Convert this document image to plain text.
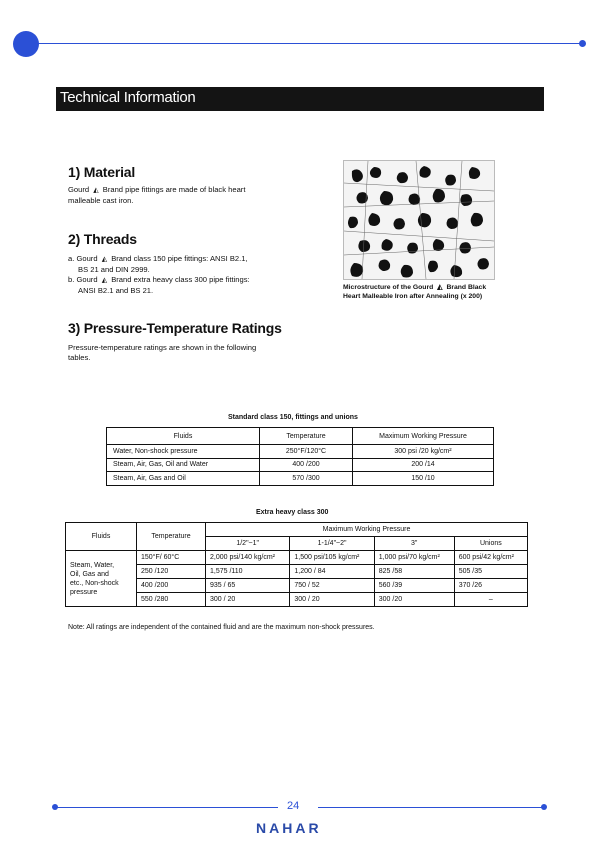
Technical Information
1) Material
Gourd ◭ Brand pipe fittings are made of black heart
malleable cast iron.
2) Threads
a. Gourd ◭ Brand class 150 pipe fittings: ANSI B2.1,
BS 21 and DIN 2999.
b. Gourd ◭ Brand extra heavy class 300 pipe fittings:
ANSI B2.1 and BS 21.
3) Pressure-Temperature Ratings
Pressure-temperature ratings are shown in the following
tables.
Microstructure of the Gourd ◭ Brand Black
Heart Malleable Iron after Annealing (x 200)
Standard class 150, fittings and unions
Fluids	Temperature	Maximum Working Pressure
Water, Non-shock pressure	250°F/120°C	300 psi /20 kg/cm²
Steam, Air, Gas, Oil and Water	400 /200	200 /14
Steam, Air, Gas and Oil	570 /300	150 /10
Extra heavy class 300
Fluids	Temperature	Maximum Working Pressure			
		1/2"~1"	1-1/4"~2"	3"	Unions
Steam, Water,
Oil, Gas and
etc., Non-shock
pressure	150°F/ 60°C	2,000 psi/140 kg/cm²	1,500 psi/105 kg/cm²	1,000 psi/70 kg/cm²	600 psi/42 kg/cm²
	250 /120	1,575 /110	1,200 / 84	825 /58	505 /35
	400 /200	935 / 65	750 / 52	560 /39	370 /26
	550 /280	300 / 20	300 / 20	300 /20	–
Note: All ratings are independent of the contained fluid and are the maximum non-shock pressures.
24
NAHAR
